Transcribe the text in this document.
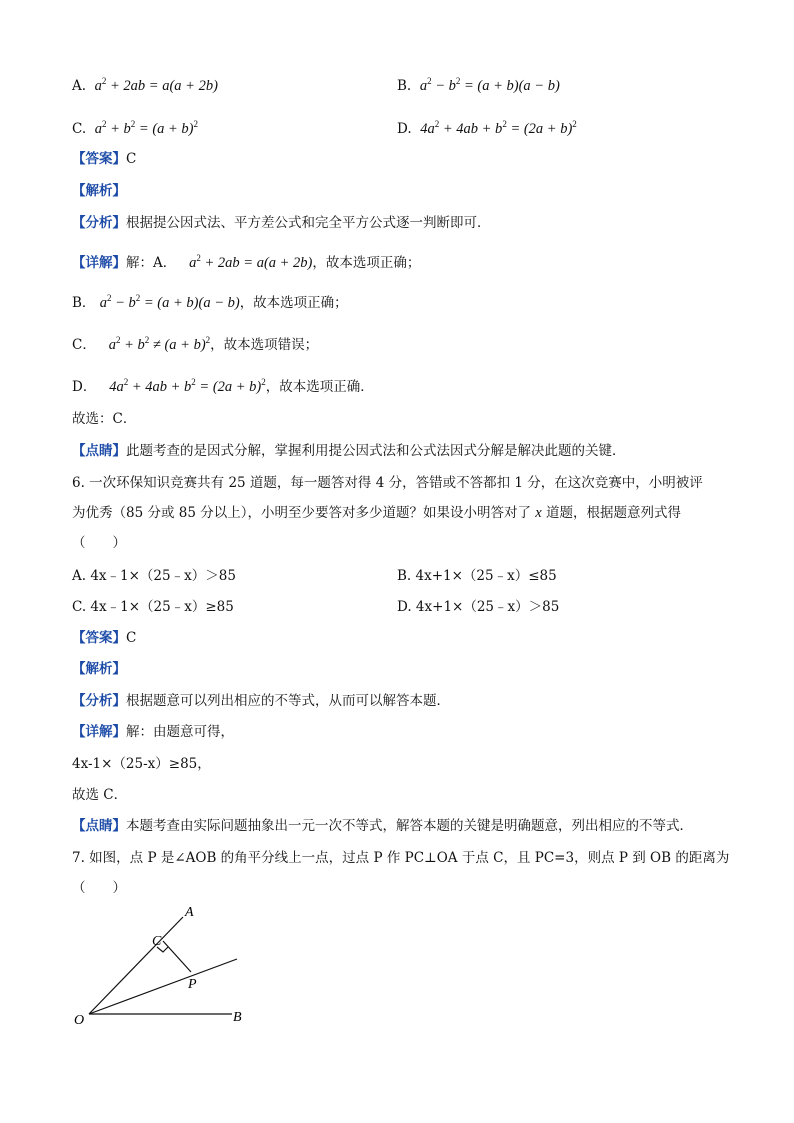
A. $a^2 + 2ab = a(a + 2b)$	B. $a^2 - b^2 = (a + b)(a - b)$
C. $a^2 + b^2 = (a + b)^2$	D. $4a^2 + 4ab + b^2 = (2a + b)^2$
【答案】C
【解析】
【分析】根据提公因式法、平方差公式和完全平方公式逐一判断即可．
【详解】解：A． $a^2 + 2ab = a(a + 2b)$，故本选项正确；
B． $a^2 - b^2 = (a + b)(a - b)$，故本选项正确；
C． $a^2 + b^2 \ne (a + b)^2$，故本选项错误；
D． $4a^2 + 4ab + b^2 = (2a + b)^2$，故本选项正确．
故选：C．
【点睛】此题考查的是因式分解，掌握利用提公因式法和公式法因式分解是解决此题的关键．
6. 一次环保知识竞赛共有 25 道题，每一题答对得 4 分，答错或不答都扣 1 分，在这次竞赛中，小明被评
为优秀（85 分或 85 分以上），小明至少要答对多少道题？如果设小明答对了 x 道题，根据题意列式得
（　　）
A. 4x﹣1×（25﹣x）＞85	B. 4x+1×（25﹣x）≤85
C. 4x﹣1×（25﹣x）≥85	D. 4x+1×（25﹣x）＞85
【答案】C
【解析】
【分析】根据题意可以列出相应的不等式，从而可以解答本题．
【详解】解：由题意可得，
4x-1×（25-x）≥85，
故选 C．
【点睛】本题考查由实际问题抽象出一元一次不等式，解答本题的关键是明确题意，列出相应的不等式．
7. 如图，点 P 是∠AOB 的角平分线上一点，过点 P 作 PC⊥OA 于点 C，且 PC=3，则点 P 到 OB 的距离为
（　　）
A
C
P
O	B
